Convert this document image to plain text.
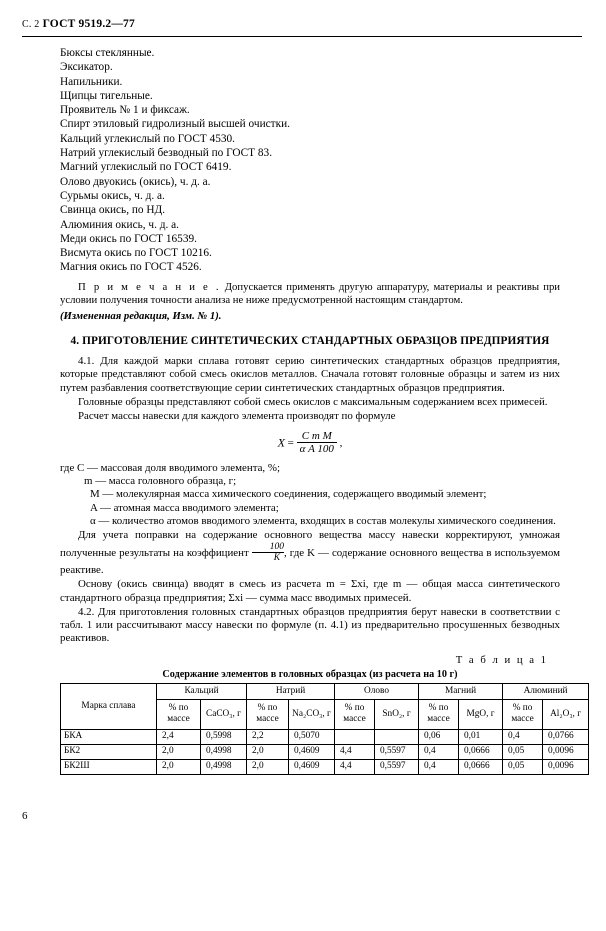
С. 2 ГОСТ 9519.2—77
Бюксы стеклянные.
Эксикатор.
Напильники.
Щипцы тигельные.
Проявитель № 1 и фиксаж.
Спирт этиловый гидролизный высшей очистки.
Кальций углекислый по ГОСТ 4530.
Натрий углекислый безводный по ГОСТ 83.
Магний углекислый по ГОСТ 6419.
Олово двуокись (окись), ч. д. а.
Сурьмы окись, ч. д. а.
Свинца окись, по НД.
Алюминия окись, ч. д. а.
Меди окись по ГОСТ 16539.
Висмута окись по ГОСТ 10216.
Магния окись по ГОСТ 4526.
П р и м е ч а н и е . Допускается применять другую аппаратуру, материалы и реактивы при условии получения точности анализа не ниже предусмотренной настоящим стандартом.
(Измененная редакция, Изм. № 1).
4. ПРИГОТОВЛЕНИЕ СИНТЕТИЧЕСКИХ СТАНДАРТНЫХ ОБРАЗЦОВ ПРЕДПРИЯТИЯ

4.1. Для каждой марки сплава готовят серию синтетических стандартных образцов предприятия, которые представляют собой смесь окислов металлов. Сначала готовят головные образцы и затем из них путем разбавления соответствующие серии синтетических стандартных образцов предприятия.

Головные образцы представляют собой смесь окислов с максимальным содержанием всех примесей.

Расчет массы навески для каждого элемента производят по формуле

$X = \frac{\text{C m M}}{\text{α A 100}}$ ,
где C — массовая доля вводимого элемента, %;
m — масса головного образца, г;
M — молекулярная масса химического соединения, содержащего вводимый элемент;
A — атомная масса вводимого элемента;
α — количество атомов вводимого элемента, входящих в состав молекулы химического соединения.

Для учета поправки на содержание основного вещества массу навески корректируют, умножая полученные результаты на коэффициент $\frac{100}{K}$ , где K — содержание основного вещества в используемом реактиве.

Основу (окись свинца) вводят в смесь из расчета m = Σxi, где m — общая масса синтетического стандартного образца предприятия; Σxi — сумма масс вводимых примесей.

4.2. Для приготовления головных стандартных образцов предприятия берут навески в соответствии с табл. 1 или рассчитывают массу навески по формуле (п. 4.1) из предварительно просушенных безводных реактивов.

Т а б л и ц а 1
Содержание элементов в головных образцах (из расчета на 10 г)
Марка сплава	Кальций		Натрий		Олово		Магний		Алюминий	
	% по массе	CaCO₃, г	% по массе	Na₂CO₃, г	% по массе	SnO₂, г	% по массе	MgO, г	% по массе	Al₂O₃, г
БКА	2,4	0,5998	2,2	0,5070			0,06	0,01	0,4	0,0766
БК2	2,0	0,4998	2,0	0,4609	4,4	0,5597	0,4	0,0666	0,05	0,0096
БК2Ш	2,0	0,4998	2,0	0,4609	4,4	0,5597	0,4	0,0666	0,05	0,0096
6
